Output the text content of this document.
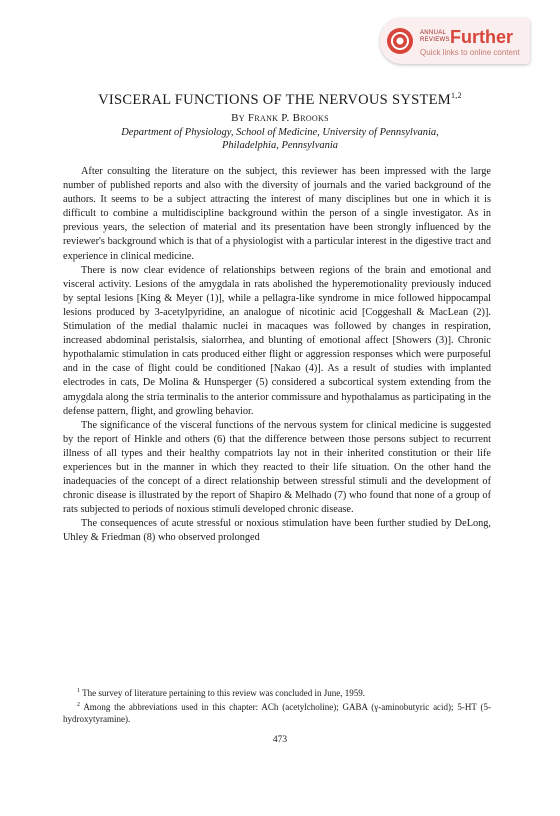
ANNUAL
REVIEWS Further
Quick links to online content
VISCERAL FUNCTIONS OF THE NERVOUS SYSTEM$^{1,2}$
By Frank P. Brooks
Department of Physiology, School of Medicine, University of Pennsylvania,
Philadelphia, Pennsylvania

After consulting the literature on the subject, this reviewer has been impressed with the large number of published reports and also with the diversity of journals and the varied background of the authors. It seems to be a subject attracting the interest of many disciplines but one in which it is difficult to combine a multidiscipline background within the person of a single investigator. As in previous years, the selection of material and its presentation have been strongly influenced by the reviewer's background which is that of a physiologist with a particular interest in the digestive tract and experience in clinical medicine.

There is now clear evidence of relationships between regions of the brain and emotional and visceral activity. Lesions of the amygdala in rats abolished the hyperemotionality previously induced by septal lesions [King & Meyer (1)], while a pellagra-like syndrome in mice followed hippocampal lesions produced by 3-acetylpyridine, an analogue of nicotinic acid [Coggeshall & MacLean (2)]. Stimulation of the medial thalamic nuclei in macaques was followed by changes in respiration, increased abdominal peristalsis, sialorrhea, and blunting of emotional affect [Showers (3)]. Chronic hypothalamic stimulation in cats produced either flight or aggression responses which were purposeful and in the case of flight could be conditioned [Nakao (4)]. As a result of studies with implanted electrodes in cats, De Molina & Hunsperger (5) considered a subcortical system extending from the amygdala along the stria terminalis to the anterior commissure and hypothalamus as participating in the defense pattern, flight, and growling behavior.

The significance of the visceral functions of the nervous system for clinical medicine is suggested by the report of Hinkle and others (6) that the difference between those persons subject to recurrent illness of all types and their healthy compatriots lay not in their inherited constitution or their life experiences but in the manner in which they reacted to their life situation. On the other hand the inadequacies of the concept of a direct relationship between stressful stimuli and the development of chronic disease is illustrated by the report of Shapiro & Melhado (7) who found that none of a group of rats subjected to periods of noxious stimuli developed chronic disease.

The consequences of acute stressful or noxious stimulation have been further studied by DeLong, Uhley & Friedman (8) who observed prolonged

$^1$ The survey of literature pertaining to this review was concluded in June, 1959.

$^2$ Among the abbreviations used in this chapter: ACh (acetylcholine); GABA (γ-aminobutyric acid); 5-HT (5-hydroxytyramine).

473
